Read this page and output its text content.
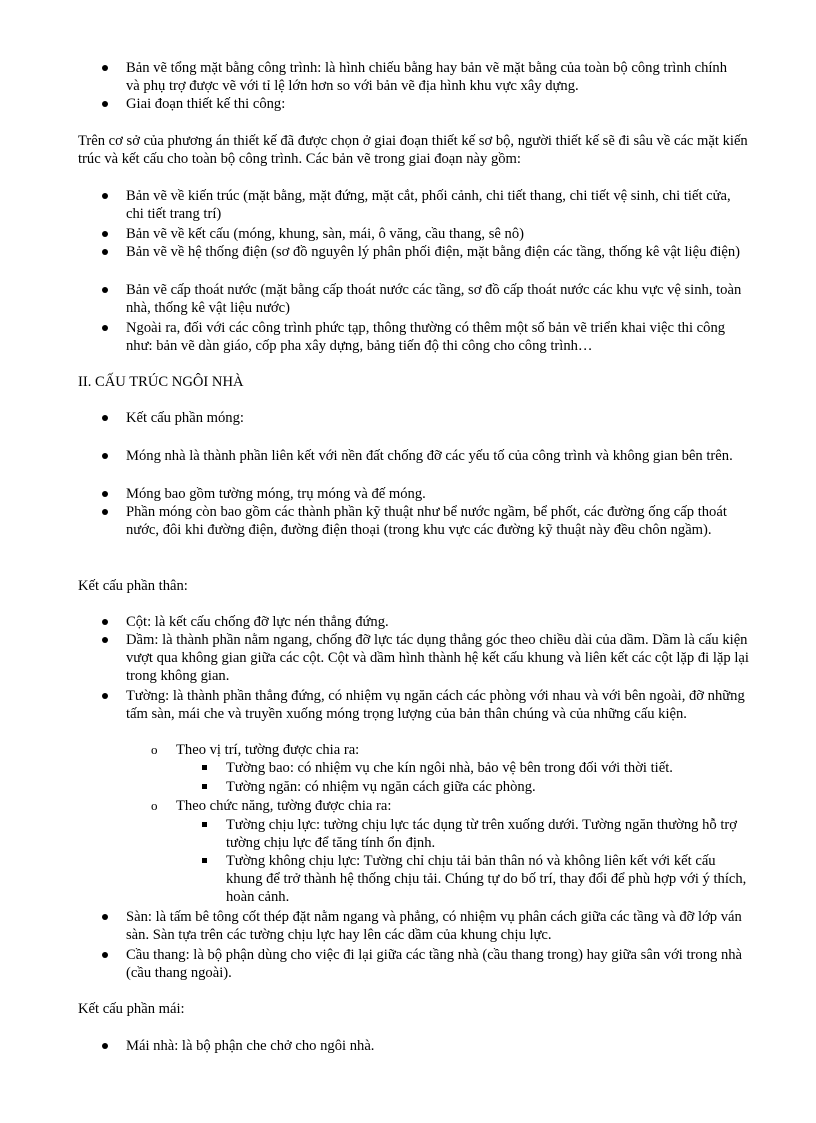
Bản vẽ tổng mặt bằng công trình: là hình chiếu bằng hay bản vẽ mặt bằng của toàn bộ công trình chính và phụ trợ được vẽ với tỉ lệ lớn hơn so với bản vẽ địa hình khu vực xây dựng.
Giai đoạn thiết kế thi công:

Trên cơ sở của phương án thiết kế đã được chọn ở giai đoạn thiết kế sơ bộ, người thiết kế sẽ đi sâu về các mặt kiến trúc và kết cấu cho toàn bộ công trình. Các bản vẽ trong giai đoạn này gồm:

Bản vẽ về kiến trúc (mặt bằng, mặt đứng, mặt cắt, phối cảnh, chi tiết thang, chi tiết vệ sinh, chi tiết cửa, chi tiết trang trí)
Bản vẽ về kết cấu (móng, khung, sàn, mái, ô văng, cầu thang, sê nô)
Bản vẽ về hệ thống điện (sơ đồ nguyên lý phân phối điện, mặt bằng điện các tầng, thống kê vật liệu điện)
Bản vẽ cấp thoát nước (mặt bằng cấp thoát nước các tầng, sơ đồ cấp thoát nước các khu vực vệ sinh, toàn nhà, thống kê vật liệu nước)
Ngoài ra, đối với các công trình phức tạp, thông thường có thêm một số bản vẽ triển khai việc thi công như: bản vẽ dàn giáo, cốp pha xây dựng, bảng tiến độ thi công cho công trình…

II. CẤU TRÚC NGÔI NHÀ

Kết cấu phần móng:
Móng nhà là thành phần liên kết với nền đất chống đỡ các yếu tố của công trình và không gian bên trên.
Móng bao gồm tường móng, trụ móng và đế móng.
Phần móng còn bao gồm các thành phần kỹ thuật như bể nước ngầm, bể phốt, các đường ống cấp thoát nước, đôi khi đường điện, đường điện thoại (trong khu vực các đường kỹ thuật này đều chôn ngầm).

Kết cấu phần thân:

Cột: là kết cấu chống đỡ lực nén thẳng đứng.
Dầm: là thành phần nằm ngang, chống đỡ lực tác dụng thẳng góc theo chiều dài của dầm. Dầm là cấu kiện vượt qua không gian giữa các cột. Cột và dầm hình thành hệ kết cấu khung và liên kết các cột lặp đi lặp lại trong không gian.
Tường: là thành phần thẳng đứng, có nhiệm vụ ngăn cách các phòng với nhau và với bên ngoài, đỡ những tấm sàn, mái che và truyền xuống móng trọng lượng của bản thân chúng và của những cấu kiện.
o Theo vị trí, tường được chia ra:
Tường bao: có nhiệm vụ che kín ngôi nhà, bảo vệ bên trong đối với thời tiết.
Tường ngăn: có nhiệm vụ ngăn cách giữa các phòng.
o Theo chức năng, tường được chia ra:
Tường chịu lực: tường chịu lực tác dụng từ trên xuống dưới. Tường ngăn thường hỗ trợ tường chịu lực để tăng tính ổn định.
Tường không chịu lực: Tường chỉ chịu tải bản thân nó và không liên kết với kết cấu khung để trở thành hệ thống chịu tải. Chúng tự do bố trí, thay đổi để phù hợp với ý thích, hoàn cảnh.
Sàn: là tấm bê tông cốt thép đặt nằm ngang và phẳng, có nhiệm vụ phân cách giữa các tầng và đỡ lớp ván sàn. Sàn tựa trên các tường chịu lực hay lên các dầm của khung chịu lực.
Cầu thang: là bộ phận dùng cho việc đi lại giữa các tầng nhà (cầu thang trong) hay giữa sân với trong nhà (cầu thang ngoài).

Kết cấu phần mái:

Mái nhà: là bộ phận che chở cho ngôi nhà.
